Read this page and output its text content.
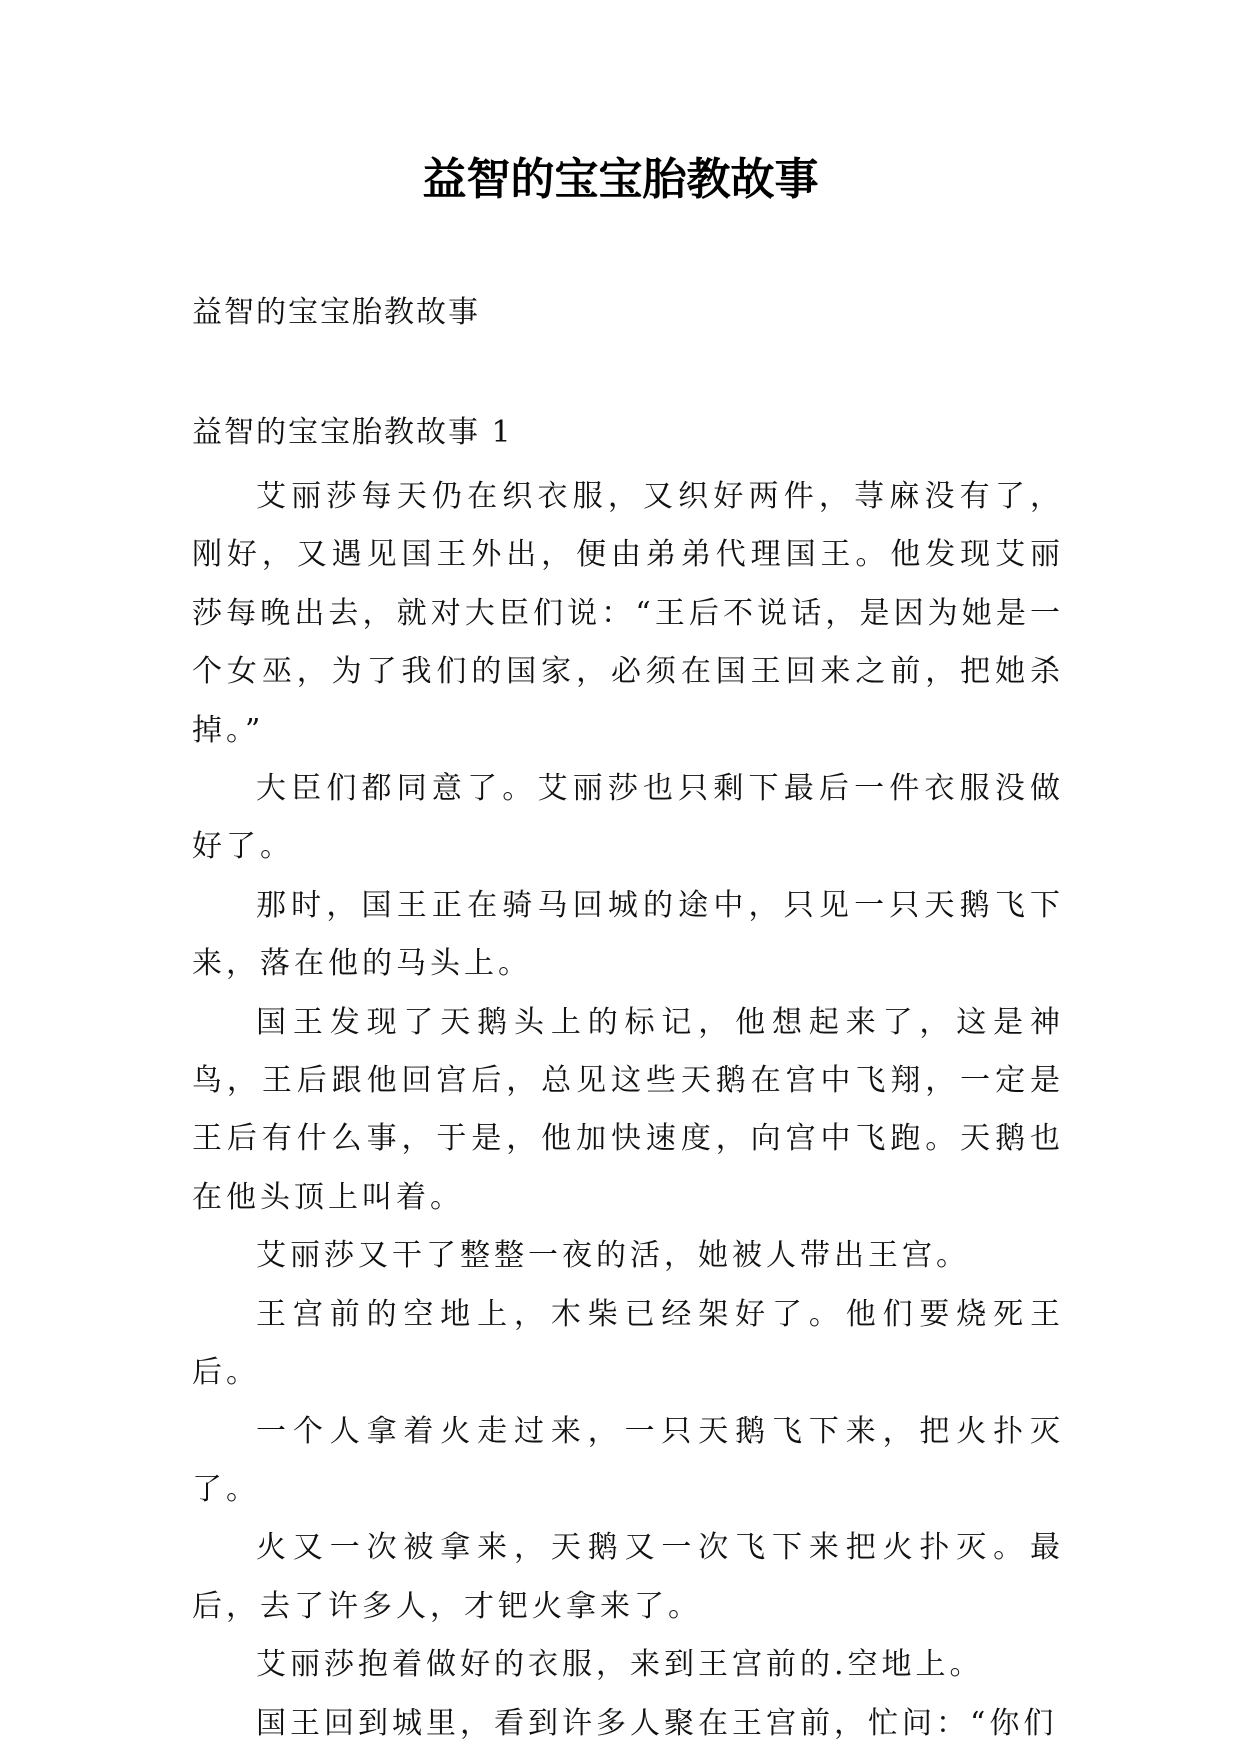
益智的宝宝胎教故事

益智的宝宝胎教故事

益智的宝宝胎教故事 1

艾丽莎每天仍在织衣服，又织好两件，荨麻没有了，刚好，又遇见国王外出，便由弟弟代理国王。他发现艾丽莎每晚出去，就对大臣们说：“王后不说话，是因为她是一个女巫，为了我们的国家，必须在国王回来之前，把她杀掉。”

大臣们都同意了。艾丽莎也只剩下最后一件衣服没做好了。

那时，国王正在骑马回城的途中，只见一只天鹅飞下来，落在他的马头上。

国王发现了天鹅头上的标记，他想起来了，这是神鸟，王后跟他回宫后，总见这些天鹅在宫中飞翔，一定是王后有什么事，于是，他加快速度，向宫中飞跑。天鹅也在他头顶上叫着。

艾丽莎又干了整整一夜的活，她被人带出王宫。

王宫前的空地上，木柴已经架好了。他们要烧死王后。

一个人拿着火走过来，一只天鹅飞下来，把火扑灭了。

火又一次被拿来，天鹅又一次飞下来把火扑灭。最后，去了许多人，才钯火拿来了。

艾丽莎抱着做好的衣服，来到王宫前的.空地上。

国王回到城里，看到许多人聚在王宫前，忙问：“你们
